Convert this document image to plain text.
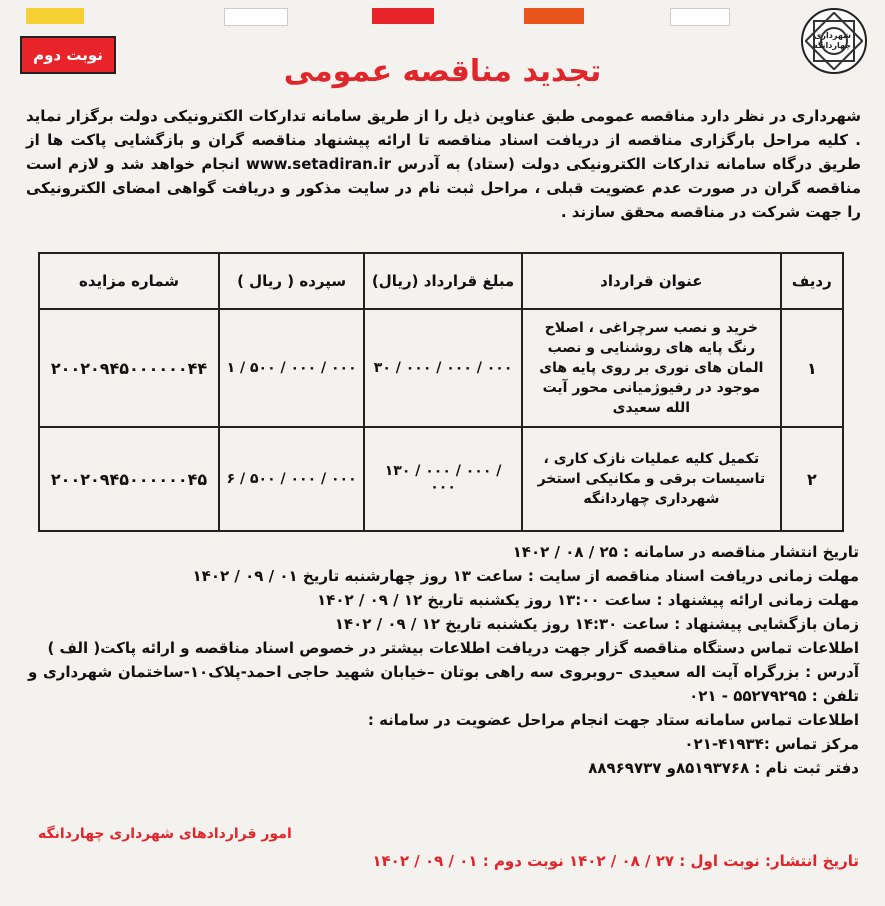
شهرداری چهاردانگه
نوبت دوم	تجدید مناقصه عمومی
شهرداری در نظر دارد مناقصه عمومی طبق عناوین ذیل را از طریق سامانه تدارکات الکترونیکی دولت برگزار نماید . کلیه مراحل بارگزاری مناقصه از دریافت اسناد مناقصه تا ارائه پیشنهاد مناقصه گران و بازگشایی پاکت ها از طریق درگاه سامانه تدارکات الکترونیکی دولت (ستاد) به آدرس www.setadiran.ir انجام خواهد شد و لازم است مناقصه گران در صورت عدم عضویت قبلی ، مراحل ثبت نام در سایت مذکور و دریافت گواهی امضای الکترونیکی را جهت شرکت در مناقصه محقق سازند .
ردیف	عنوان قرارداد	مبلغ قرارداد (ریال)	سپرده ( ریال )	شماره مزایده
۱	خرید و نصب سرچراغی ، اصلاح رنگ پایه های روشنایی و نصب المان های نوری بر روی پایه های موجود در رفیوژمیانی محور آیت الله سعیدی	۳۰ / ۰۰۰ / ۰۰۰ / ۰۰۰	۱ / ۵۰۰ / ۰۰۰ / ۰۰۰	۲۰۰۲۰۹۴۵۰۰۰۰۰۰۴۴
۲	تکمیل کلیه عملیات نازک کاری ، تاسیسات برقی و مکانیکی استخر شهرداری چهاردانگه	۱۳۰ / ۰۰۰ / ۰۰۰ / ۰۰۰	۶ / ۵۰۰ / ۰۰۰ / ۰۰۰	۲۰۰۲۰۹۴۵۰۰۰۰۰۰۴۵

تاریخ انتشار مناقصه در سامانه : ۲۵ / ۰۸ / ۱۴۰۲

مهلت زمانی دریافت اسناد مناقصه از سایت : ساعت ۱۳ روز چهارشنبه تاریخ ۰۱ / ۰۹ / ۱۴۰۲

مهلت زمانی ارائه پیشنهاد : ساعت ۱۳:۰۰ روز یکشنبه تاریخ ۱۲ / ۰۹ / ۱۴۰۲

زمان بازگشایی پیشنهاد : ساعت ۱۴:۳۰ روز یکشنبه تاریخ ۱۲ / ۰۹ / ۱۴۰۲

اطلاعات تماس دستگاه مناقصه گزار جهت دریافت اطلاعات بیشتر در خصوص اسناد مناقصه و ارائه پاکت( الف )

آدرس : بزرگراه آیت اله سعیدی –روبروی سه راهی بوتان –خیابان شهید حاجی احمد-پلاک۱۰-ساختمان شهرداری و تلفن : ۵۵۲۷۹۲۹۵ - ۰۲۱

اطلاعات تماس سامانه ستاد جهت انجام مراحل عضویت در سامانه :

مرکز تماس :۴۱۹۳۴-۰۲۱

دفتر ثبت نام : ۸۵۱۹۳۷۶۸و ۸۸۹۶۹۷۳۷

امور قراردادهای شهرداری چهاردانگه
تاریخ انتشار: نوبت اول : ۲۷ / ۰۸ / ۱۴۰۲ نوبت دوم : ۰۱ / ۰۹ / ۱۴۰۲
